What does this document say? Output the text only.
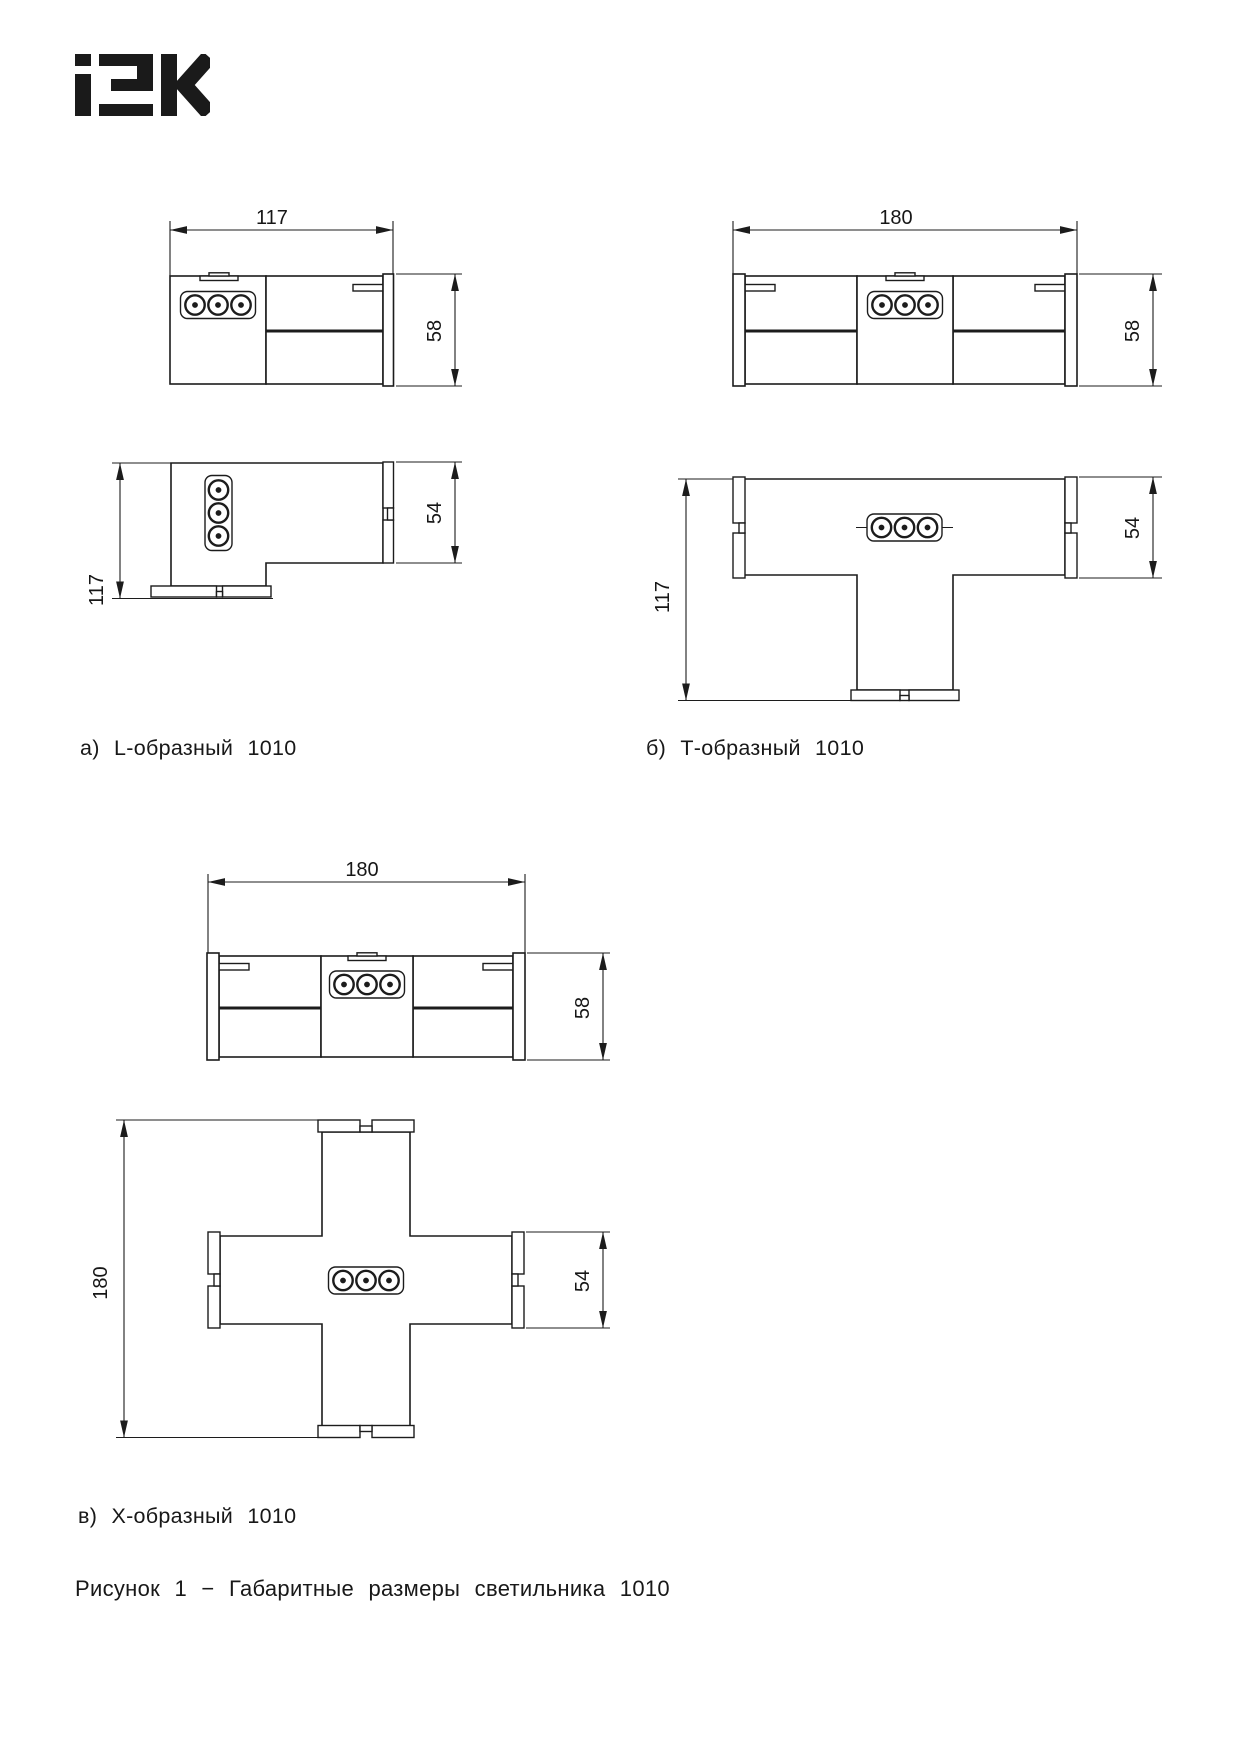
117
58
117
54
180
58
117
54
180
58
180	54
а) L-образный 1010	б) Т-образный 1010
в) Х-образный 1010
Рисунок 1 − Габаритные размеры светильника 1010
